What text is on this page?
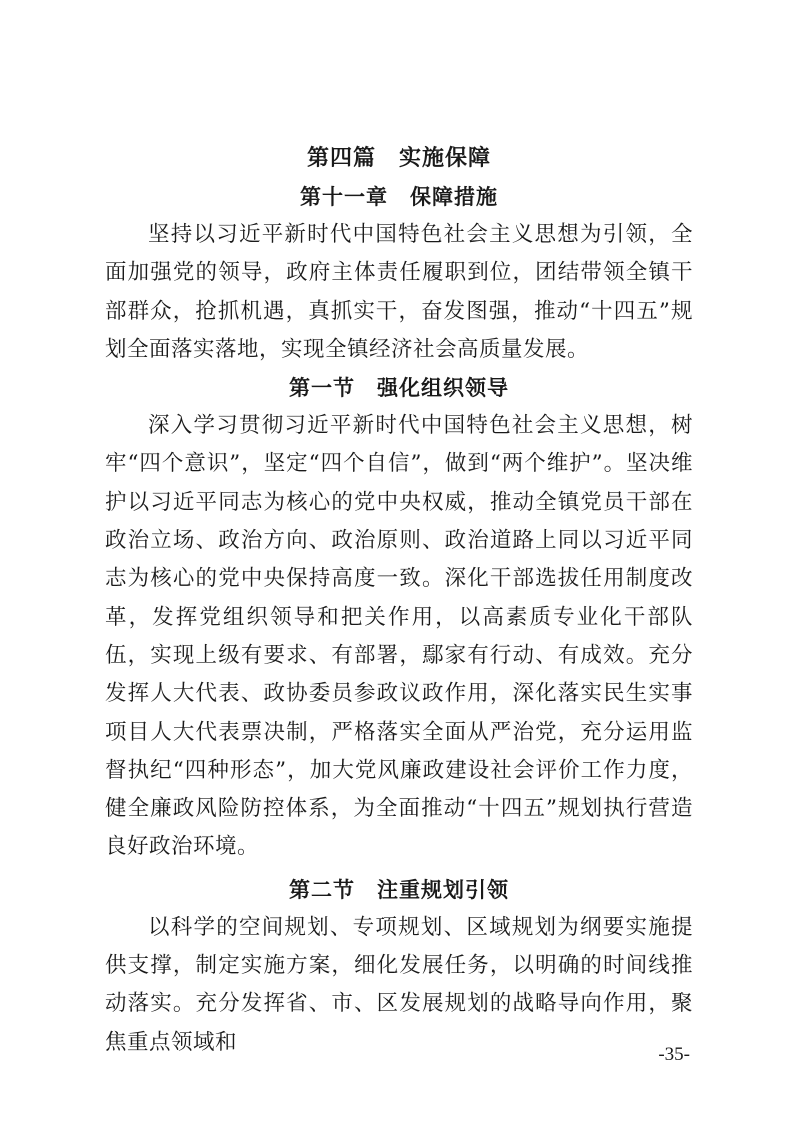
第四篇　实施保障
第十一章　保障措施

坚持以习近平新时代中国特色社会主义思想为引领，全面加强党的领导，政府主体责任履职到位，团结带领全镇干部群众，抢抓机遇，真抓实干，奋发图强，推动“十四五”规划全面落实落地，实现全镇经济社会高质量发展。

第一节　强化组织领导

深入学习贯彻习近平新时代中国特色社会主义思想，树牢“四个意识”，坚定“四个自信”，做到“两个维护”。坚决维护以习近平同志为核心的党中央权威，推动全镇党员干部在政治立场、政治方向、政治原则、政治道路上同以习近平同志为核心的党中央保持高度一致。深化干部选拔任用制度改革，发挥党组织领导和把关作用，以高素质专业化干部队伍，实现上级有要求、有部署，鄢家有行动、有成效。充分发挥人大代表、政协委员参政议政作用，深化落实民生实事项目人大代表票决制，严格落实全面从严治党，充分运用监督执纪“四种形态”，加大党风廉政建设社会评价工作力度，健全廉政风险防控体系，为全面推动“十四五”规划执行营造良好政治环境。

第二节　注重规划引领

以科学的空间规划、专项规划、区域规划为纲要实施提供支撑，制定实施方案，细化发展任务，以明确的时间线推动落实。充分发挥省、市、区发展规划的战略导向作用，聚焦重点领域和	-35-
